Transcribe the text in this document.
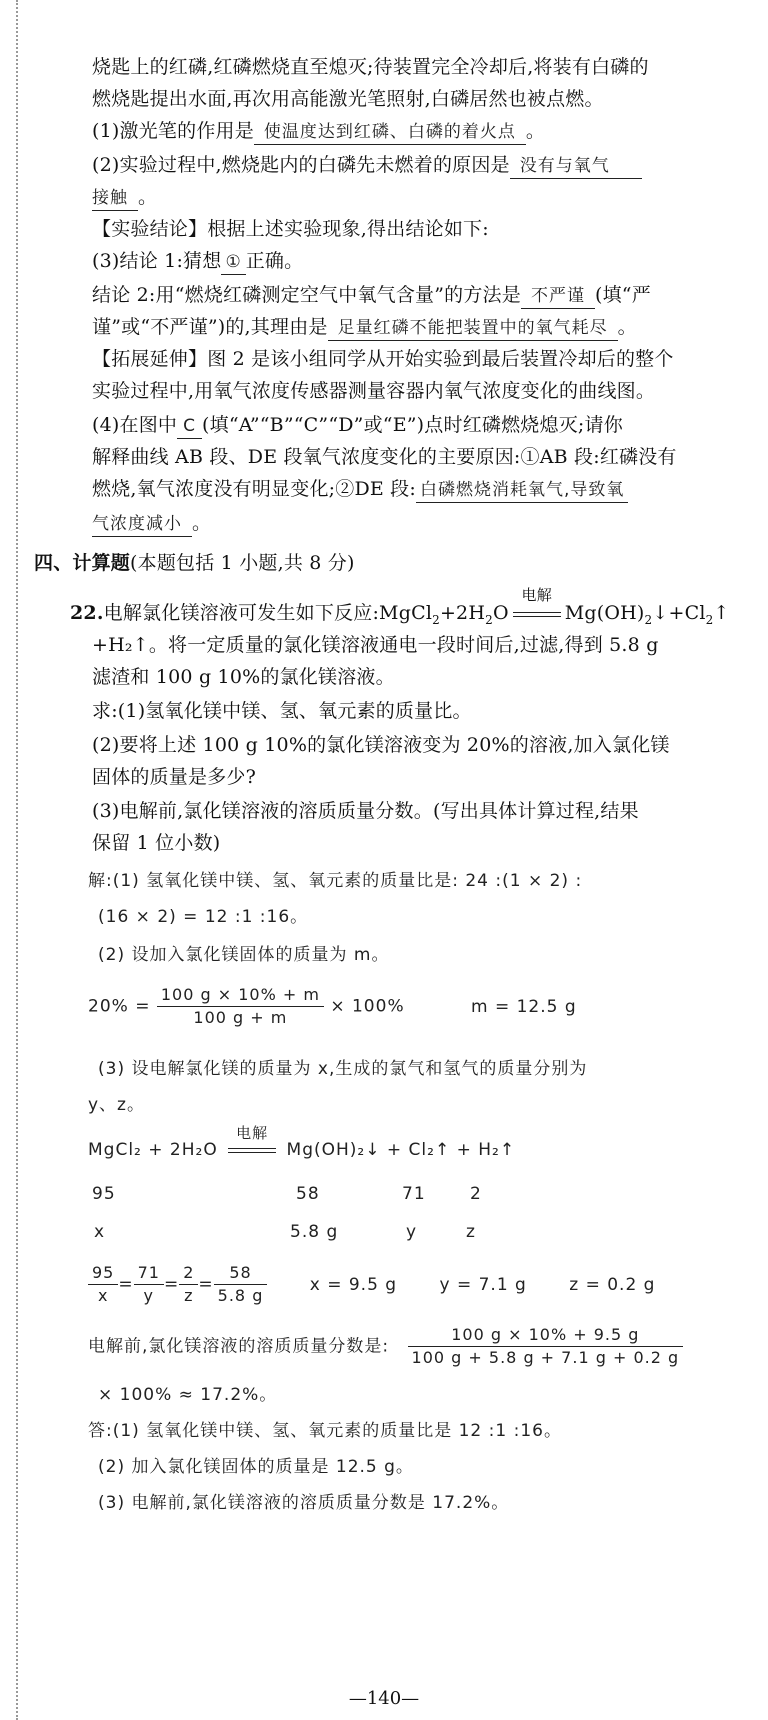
烧匙上的红磷,红磷燃烧直至熄灭;待装置完全冷却后,将装有白磷的
燃烧匙提出水面,再次用高能激光笔照射,白磷居然也被点燃。
(1)激光笔的作用是 使温度达到红磷、白磷的着火点 。
(2)实验过程中,燃烧匙内的白磷先未燃着的原因是 没有与氧气
接触 。
【实验结论】根据上述实验现象,得出结论如下:
(3)结论 1:猜想 ① 正确。
结论 2:用“燃烧红磷测定空气中氧气含量”的方法是 不严谨 (填“严
谨”或“不严谨”)的,其理由是 足量红磷不能把装置中的氧气耗尽 。
【拓展延伸】图 2 是该小组同学从开始实验到最后装置冷却后的整个
实验过程中,用氧气浓度传感器测量容器内氧气浓度变化的曲线图。
(4)在图中 C (填“A”“B”“C”“D”或“E”)点时红磷燃烧熄灭;请你
解释曲线 AB 段、DE 段氧气浓度变化的主要原因:①AB 段:红磷没有
燃烧,氧气浓度没有明显变化;②DE 段: 白磷燃烧消耗氧气,导致氧
气浓度减小 。
四、计算题(本题包括 1 小题,共 8 分)
22.电解氯化镁溶液可发生如下反应$:MgCl_2+2H_2O$
电解
$Mg(OH)_2↓+Cl_2↑$
+H₂↑。将一定质量的氯化镁溶液通电一段时间后,过滤,得到 5.8 g
滤渣和 100 g 10%的氯化镁溶液。
求:(1)氢氧化镁中镁、氢、氧元素的质量比。
(2)要将上述 100 g 10%的氯化镁溶液变为 20%的溶液,加入氯化镁
固体的质量是多少?
(3)电解前,氯化镁溶液的溶质质量分数。(写出具体计算过程,结果
保留 1 位小数)
解:(1) 氢氧化镁中镁、氢、氧元素的质量比是: 24 :(1 × 2) :
(16 × 2) = 12 :1 :16。
(2) 设加入氯化镁固体的质量为 m。
$20\% = \frac{100 g \times 10\% + m}{100 g + m} \times 100\%$	m = 12.5 g
(3) 设电解氯化镁的质量为 x,生成的氯气和氢气的质量分别为
y、z。
MgCl₂ + 2H₂O
电解
Mg(OH)₂↓ + Cl₂↑ + H₂↑
95	58	71	2
x	5.8 g	y	z
$\frac{95}{x} = \frac{71}{y} = \frac{2}{z} = \frac{58}{5.8 g}$ x = 9.5 g y = 7.1 g z = 0.2 g
电解前,氯化镁溶液的溶质质量分数是: $\frac{100 g \times 10\% + 9.5 g}{100 g + 5.8 g + 7.1 g + 0.2 g}$
× 100% ≈ 17.2%。
答:(1) 氢氧化镁中镁、氢、氧元素的质量比是 12 :1 :16。
(2) 加入氯化镁固体的质量是 12.5 g。
(3) 电解前,氯化镁溶液的溶质质量分数是 17.2%。
—140—
